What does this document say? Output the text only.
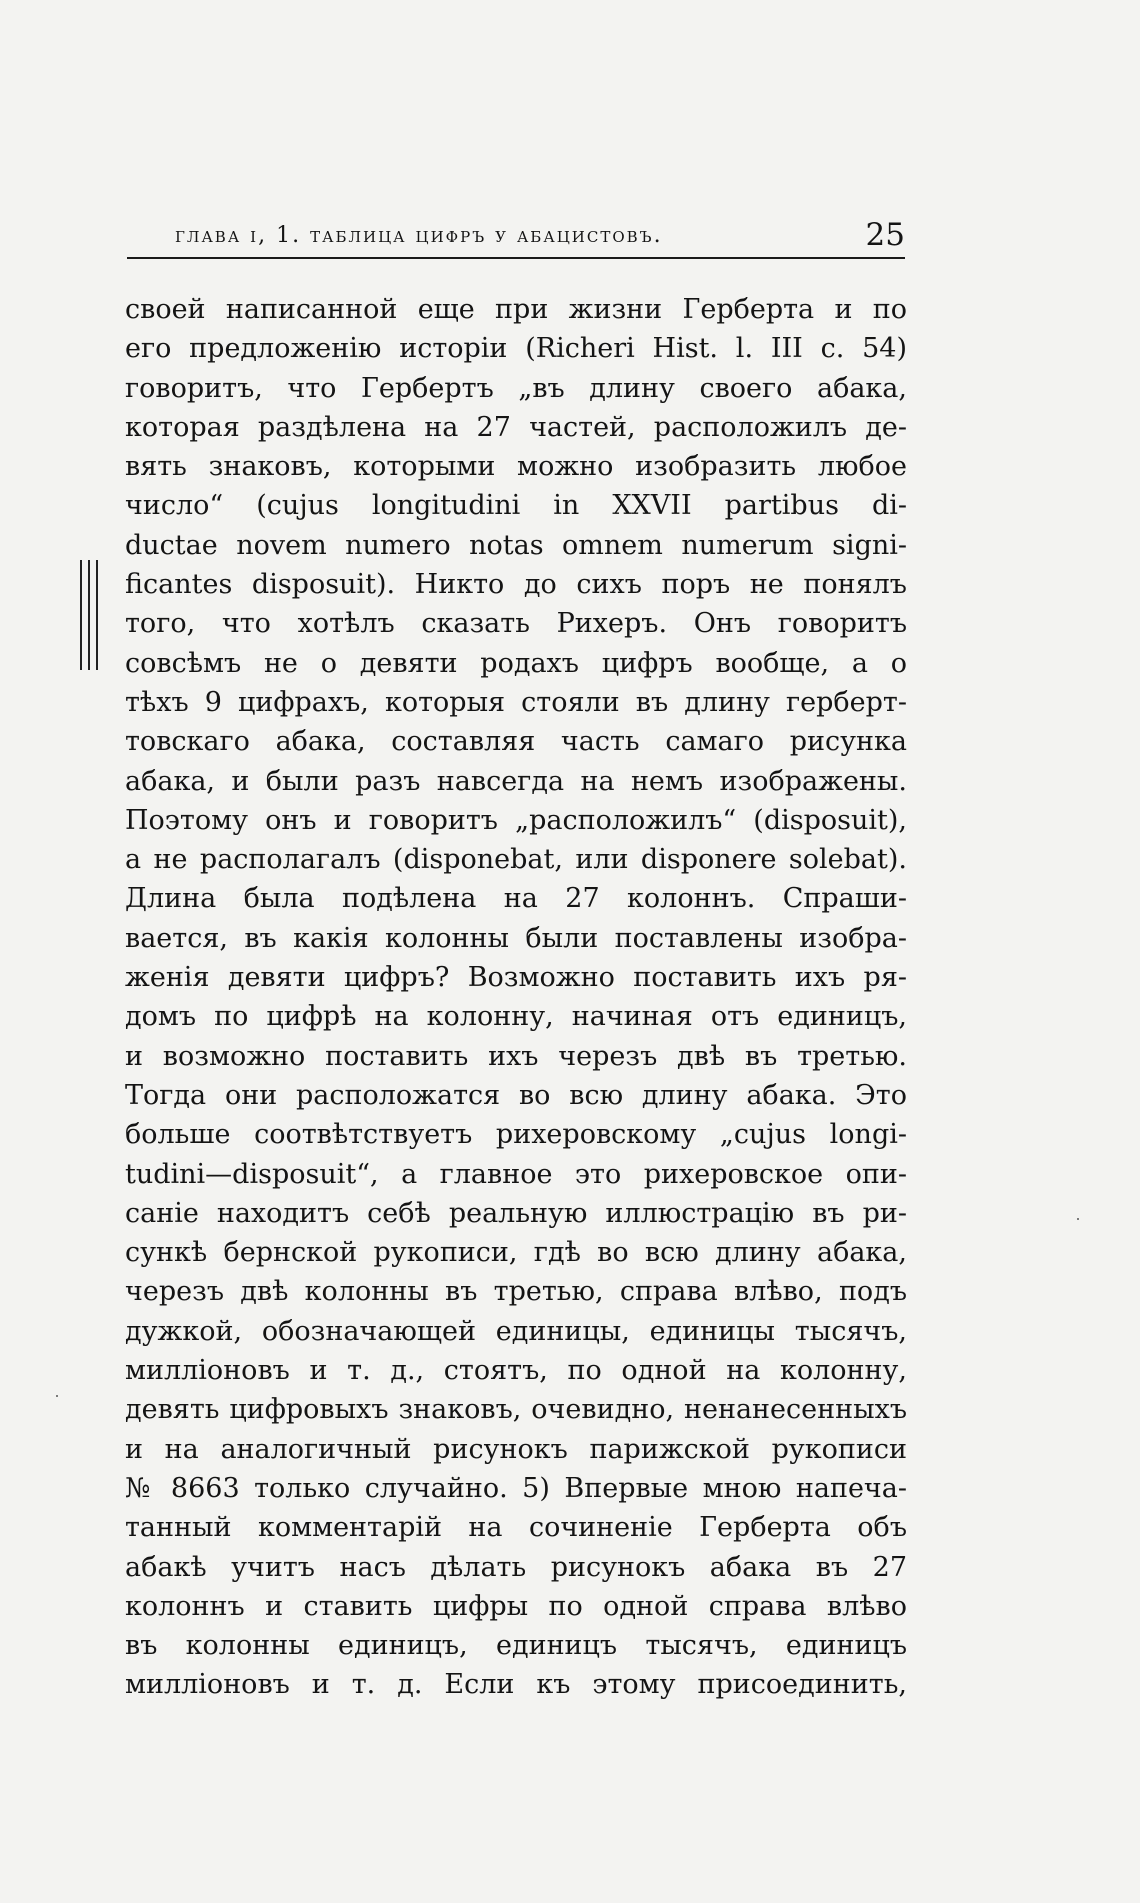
глава i, 1. таблица цифръ у абацистовъ.	25
своей написанной еще при жизни Герберта и по
его предложенію исторіи (Richeri Hist. l. III c. 54)
говоритъ, что Гербертъ „въ длину своего абака,
которая раздѣлена на 27 частей, расположилъ де-
вять знаковъ, которыми можно изобразить любое
число“ (cujus longitudini in XXVII partibus di-
ductae novem numero notas omnem numerum signi-
ficantes disposuit). Никто до сихъ поръ не понялъ
того, что хотѣлъ сказать Рихеръ. Онъ говоритъ
совсѣмъ не о девяти родахъ цифръ вообще, а о
тѣхъ 9 цифрахъ, которыя стояли въ длину герберт-
товскаго абака, составляя часть самаго рисунка
абака, и были разъ навсегда на немъ изображены.
Поэтому онъ и говоритъ „расположилъ“ (disposuit),
а не располагалъ (disponebat, или disponere solebat).
Длина была подѣлена на 27 колоннъ. Спраши-
вается, въ какія колонны были поставлены изобра-
женія девяти цифръ? Возможно поставить ихъ ря-
домъ по цифрѣ на колонну, начиная отъ единицъ,
и возможно поставить ихъ черезъ двѣ въ третью.
Тогда они расположатся во всю длину абака. Это
больше соотвѣтствуетъ рихеровскому „cujus longi-
tudini—disposuit“, а главное это рихеровское опи-
саніе находитъ себѣ реальную иллюстрацію въ ри-
сункѣ бернской рукописи, гдѣ во всю длину абака,
черезъ двѣ колонны въ третью, справа влѣво, подъ
дужкой, обозначающей единицы, единицы тысячъ,
милліоновъ и т. д., стоятъ, по одной на колонну,
девять цифровыхъ знаковъ, очевидно, ненанесенныхъ
и на аналогичный рисунокъ парижской рукописи
№ 8663 только случайно. 5) Впервые мною напеча-
танный комментарій на сочиненіе Герберта объ
абакѣ учитъ насъ дѣлать рисунокъ абака въ 27
колоннъ и ставить цифры по одной справа влѣво
въ колонны единицъ, единицъ тысячъ, единицъ
милліоновъ и т. д. Если къ этому присоединить,
